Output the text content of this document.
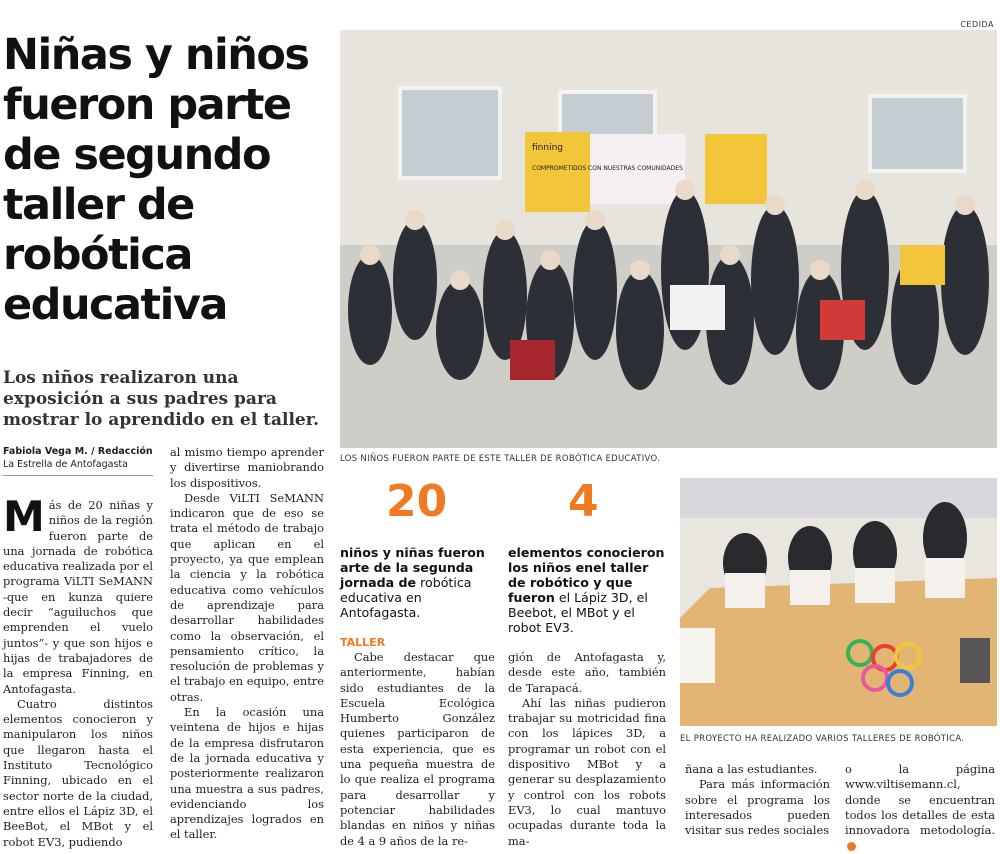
CEDIDA
Niñas y niños fueron parte de segundo taller de robótica educativa
Los niños realizaron una exposición a sus padres para mostrar lo aprendido en el taller.
Fabiola Vega M. / Redacción
La Estrella de Antofagasta
M ás de 20 niñas y niños de la región fueron parte de una jornada de robótica educativa realizada por el programa ViLTI SeMANN -que en kunza quiere decir “aguiluchos que emprenden el vuelo juntos”- y que son hijos e hijas de trabajadores de la empresa Finning, en Antofagasta.

Cuatro distintos elementos conocieron y manipularon los niños que llegaron hasta el Instituto Tecnológico Finning, ubicado en el sector norte de la ciudad, entre ellos el Lápiz 3D, el BeeBot, el MBot y el robot EV3, pudiendo

al mismo tiempo aprender y divertirse maniobrando los dispositivos.

Desde ViLTI SeMANN indicaron que de eso se trata el método de trabajo que aplican en el proyecto, ya que emplean la ciencia y la robótica educativa como vehículos de aprendizaje para desarrollar habilidades como la observación, el pensamiento crítico, la resolución de problemas y el trabajo en equipo, entre otras.

En la ocasión una veintena de hijos e hijas de la empresa disfrutaron de la jornada educativa y posteriormente realizaron una muestra a sus padres, evidenciando los aprendizajes logrados en el taller.

finning
COMPROMETIDOS CON NUESTRAS COMUNIDADES
LOS NIÑOS FUERON PARTE DE ESTE TALLER DE ROBÓTICA EDUCATIVO.
20	4
niños y niñas fueron arte de la segunda jornada de robótica educativa en Antofagasta.
elementos conocieron los niños enel taller de robótico y que fueron el Lápiz 3D, el Beebot, el MBot y el robot EV3.
TALLER

Cabe destacar que anteriormente, habían sido estudiantes de la Escuela Ecológica Humberto González quienes participaron de esta experiencia, que es una pequeña muestra de lo que realiza el programa para desarrollar y potenciar habilidades blandas en niños y niñas de 4 a 9 años de la re-

gión de Antofagasta y, desde este año, también de Tarapacá.

Ahí las niñas pudieron trabajar su motricidad fina con los lápices 3D, a programar un robot con el dispositivo MBot y a generar su desplazamiento y control con los robots EV3, lo cual mantuvo ocupadas durante toda la ma-

EL PROYECTO HA REALIZADO VARIOS TALLERES DE ROBÓTICA.

ñana a las estudiantes.

Para más información sobre el programa los interesados pueden visitar sus redes sociales

o la página www.viltisemann.cl, donde se encuentran todos los detalles de esta innovadora metodología.
